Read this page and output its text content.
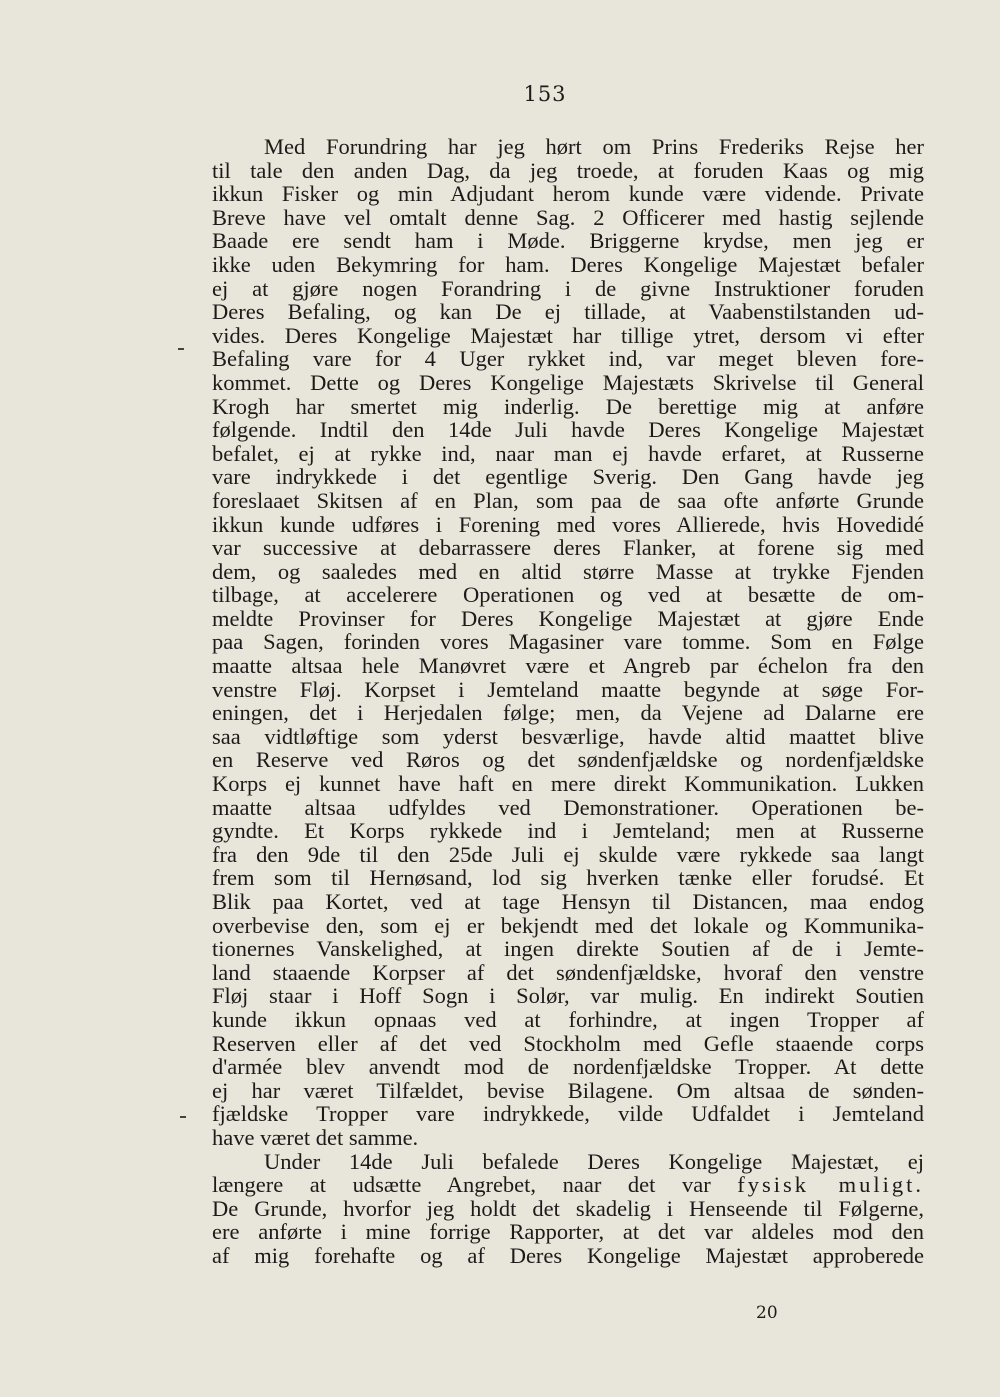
153
Med Forundring har jeg hørt om Prins Frederiks Rejse her
til tale den anden Dag, da jeg troede, at foruden Kaas og mig
ikkun Fisker og min Adjudant herom kunde være vidende. Private
Breve have vel omtalt denne Sag. 2 Officerer med hastig sejlende
Baade ere sendt ham i Møde. Briggerne krydse, men jeg er
ikke uden Bekymring for ham. Deres Kongelige Majestæt befaler
ej at gjøre nogen Forandring i de givne Instruktioner foruden
Deres Befaling, og kan De ej tillade, at Vaabenstilstanden ud-
vides. Deres Kongelige Majestæt har tillige ytret, dersom vi efter
Befaling vare for 4 Uger rykket ind, var meget bleven fore-
kommet. Dette og Deres Kongelige Majestæts Skrivelse til General
Krogh har smertet mig inderlig. De berettige mig at anføre
følgende. Indtil den 14de Juli havde Deres Kongelige Majestæt
befalet, ej at rykke ind, naar man ej havde erfaret, at Russerne
vare indrykkede i det egentlige Sverig. Den Gang havde jeg
foreslaaet Skitsen af en Plan, som paa de saa ofte anførte Grunde
ikkun kunde udføres i Forening med vores Allierede, hvis Hovedidé
var successive at debarrassere deres Flanker, at forene sig med
dem, og saaledes med en altid større Masse at trykke Fjenden
tilbage, at accelerere Operationen og ved at besætte de om-
meldte Provinser for Deres Kongelige Majestæt at gjøre Ende
paa Sagen, forinden vores Magasiner vare tomme. Som en Følge
maatte altsaa hele Manøvret være et Angreb par échelon fra den
venstre Fløj. Korpset i Jemteland maatte begynde at søge For-
eningen, det i Herjedalen følge; men, da Vejene ad Dalarne ere
saa vidtløftige som yderst besværlige, havde altid maattet blive
en Reserve ved Røros og det søndenfjældske og nordenfjældske
Korps ej kunnet have haft en mere direkt Kommunikation. Lukken
maatte altsaa udfyldes ved Demonstrationer. Operationen be-
gyndte. Et Korps rykkede ind i Jemteland; men at Russerne
fra den 9de til den 25de Juli ej skulde være rykkede saa langt
frem som til Hernøsand, lod sig hverken tænke eller forudsé. Et
Blik paa Kortet, ved at tage Hensyn til Distancen, maa endog
overbevise den, som ej er bekjendt med det lokale og Kommunika-
tionernes Vanskelighed, at ingen direkte Soutien af de i Jemte-
land staaende Korpser af det søndenfjældske, hvoraf den venstre
Fløj staar i Hoff Sogn i Solør, var mulig. En indirekt Soutien
kunde ikkun opnaas ved at forhindre, at ingen Tropper af
Reserven eller af det ved Stockholm med Gefle staaende corps
d'armée blev anvendt mod de nordenfjældske Tropper. At dette
ej har været Tilfældet, bevise Bilagene. Om altsaa de sønden-
fjældske Tropper vare indrykkede, vilde Udfaldet i Jemteland
have været det samme.
Under 14de Juli befalede Deres Kongelige Majestæt, ej
længere at udsætte Angrebet, naar det var fysisk muligt.
De Grunde, hvorfor jeg holdt det skadelig i Henseende til Følgerne,
ere anførte i mine forrige Rapporter, at det var aldeles mod den
af mig forehafte og af Deres Kongelige Majestæt approberede
20
